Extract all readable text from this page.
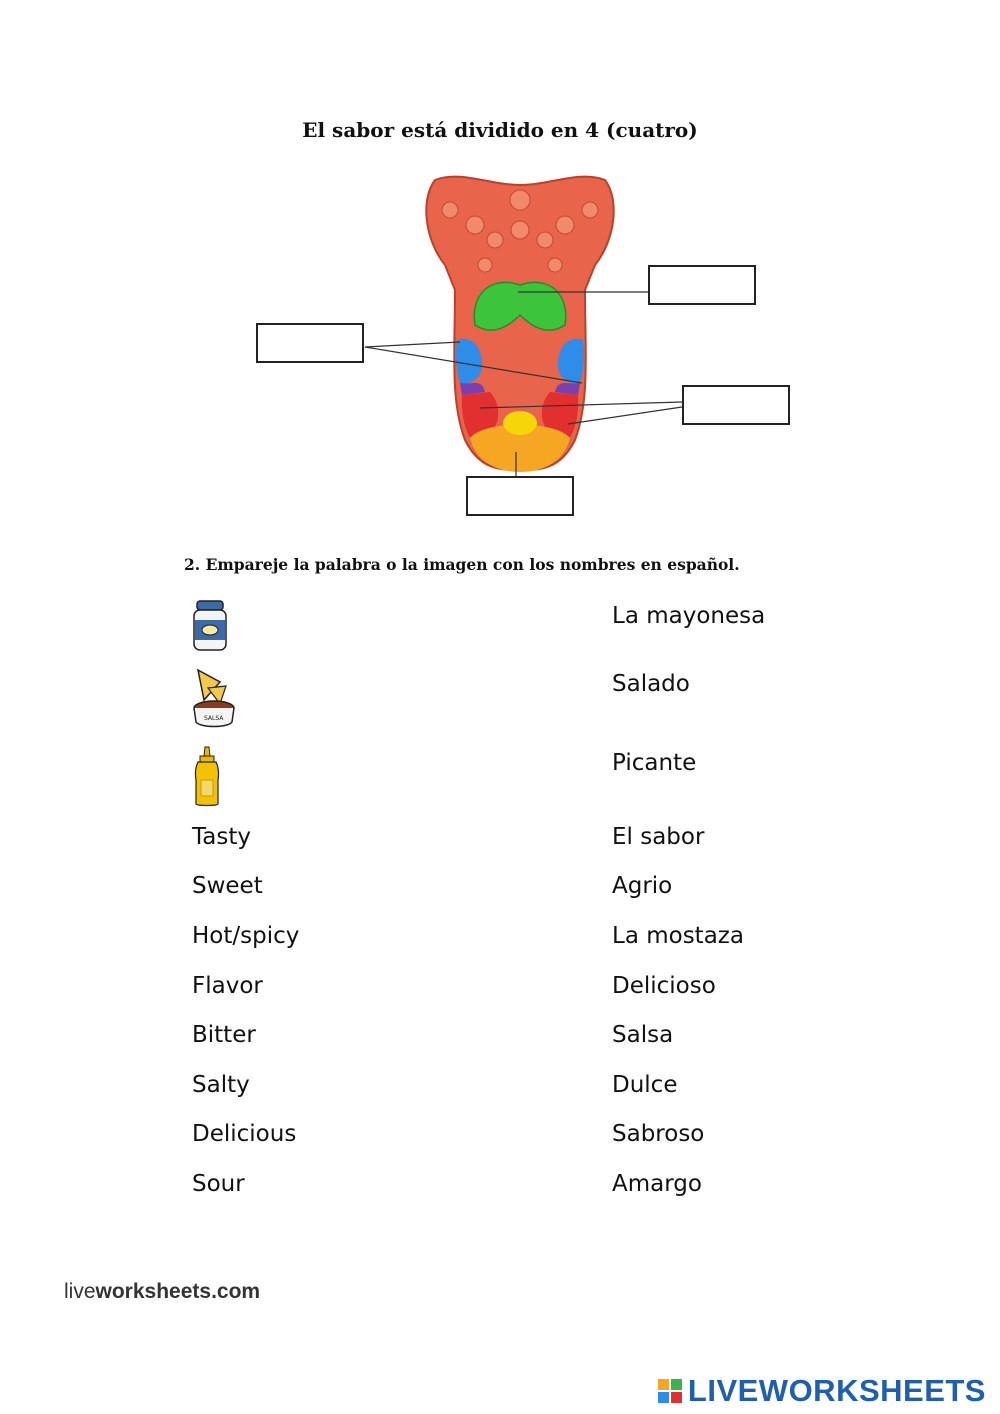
El sabor está dividido en 4 (cuatro)
2. Empareje la palabra o la imagen con los nombres en español.
SALSA
Tasty
Sweet
Hot/spicy
Flavor
Bitter
Salty
Delicious
Sour
La mayonesa
Salado
Picante
El sabor
Agrio
La mostaza
Delicioso
Salsa
Dulce
Sabroso
Amargo
liveworksheets.com
LIVEWORKSHEETS
